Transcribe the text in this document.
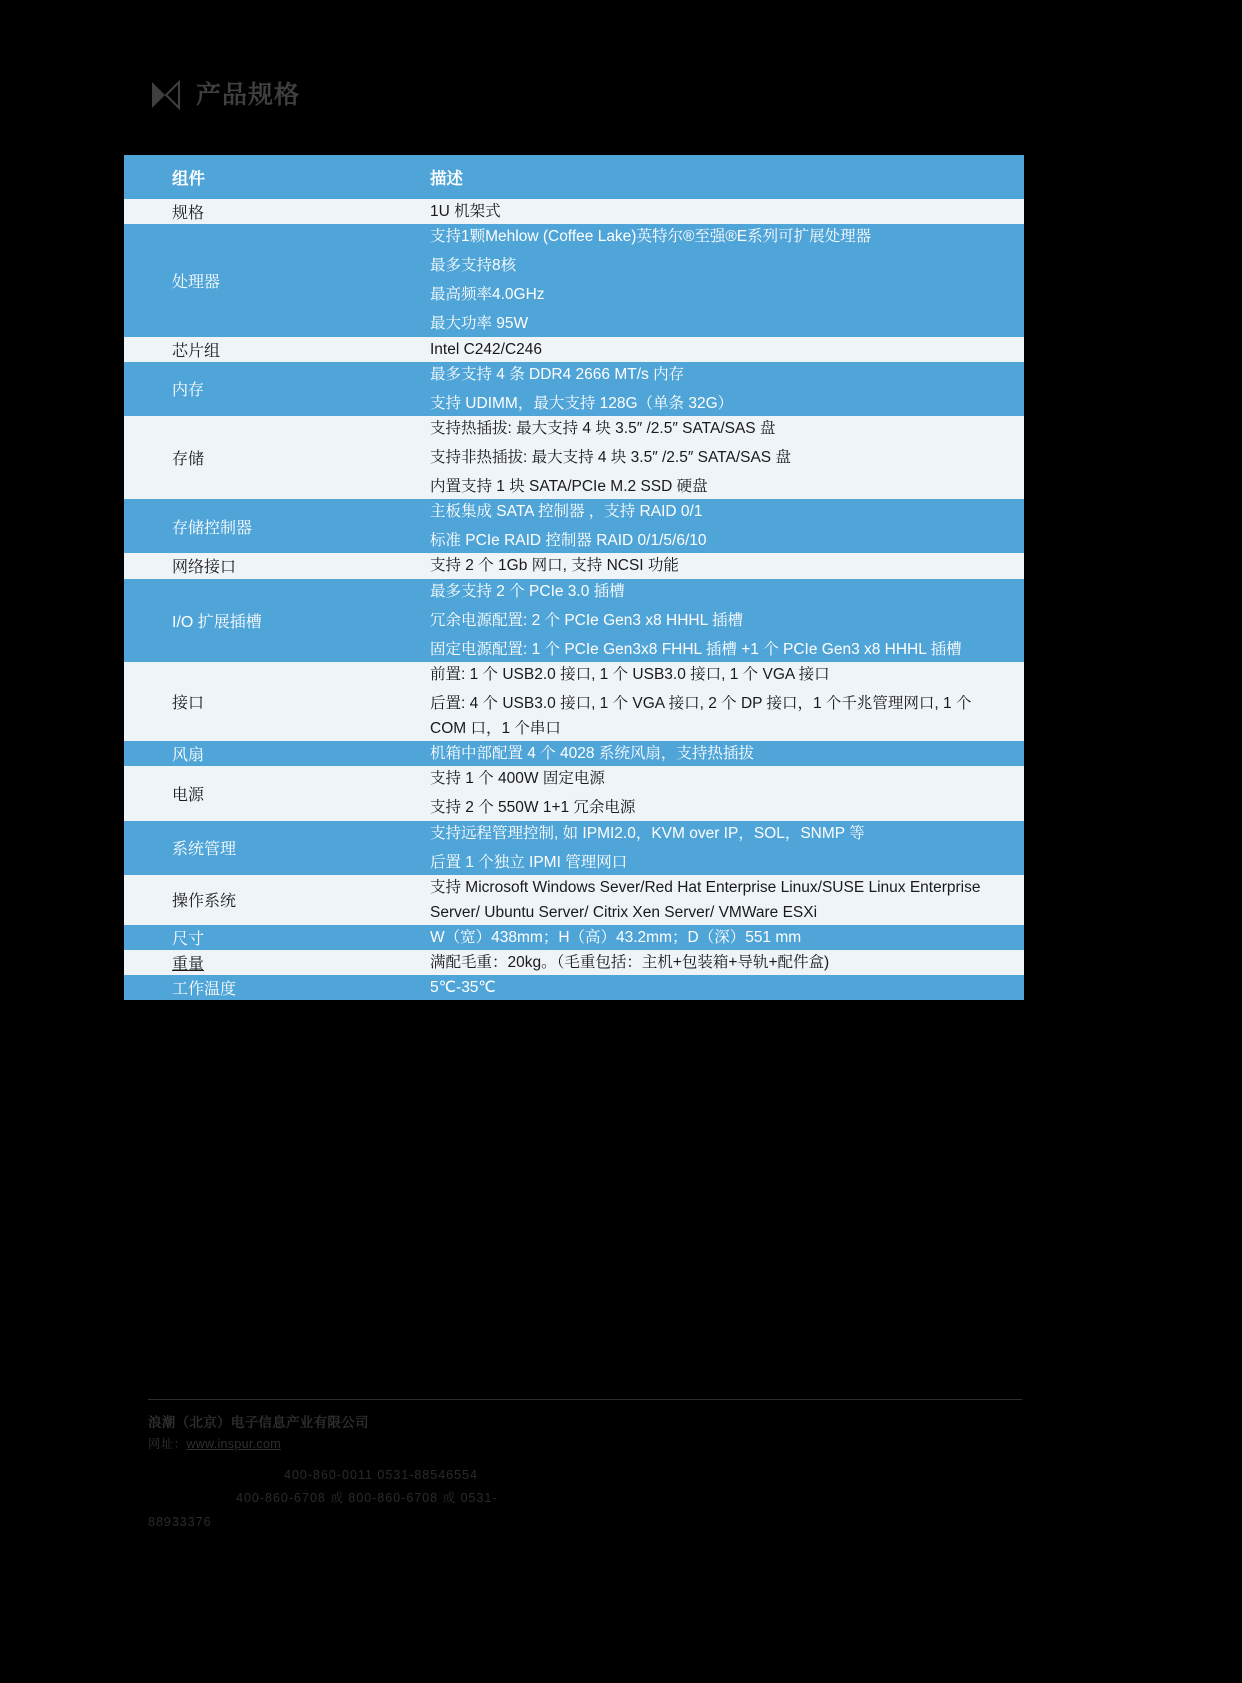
产品规格
组件	描述
规格	1U 机架式

处理器	支持1颗Mehlow (Coffee Lake)英特尔®至强®E系列可扩展处理器
最多支持8核
最高频率4.0GHz
最大功率 95W

芯片组	Intel C242/C246

内存	最多支持 4 条 DDR4 2666 MT/s 内存
支持 UDIMM，最大支持 128G（单条 32G）

存储	支持热插拔: 最大支持 4 块 3.5″ /2.5″ SATA/SAS 盘
支持非热插拔: 最大支持 4 块 3.5″ /2.5″ SATA/SAS 盘
内置支持 1 块 SATA/PCIe M.2 SSD 硬盘

存储控制器	主板集成 SATA 控制器 ，支持 RAID 0/1
标准 PCIe RAID 控制器 RAID 0/1/5/6/10

网络接口	支持 2 个 1Gb 网口, 支持 NCSI 功能

I/O 扩展插槽	最多支持 2 个 PCIe 3.0 插槽
冗余电源配置: 2 个 PCIe Gen3 x8 HHHL 插槽
固定电源配置: 1 个 PCIe Gen3x8 FHHL 插槽 +1 个 PCIe Gen3 x8 HHHL 插槽

接口	前置: 1 个 USB2.0 接口, 1 个 USB3.0 接口, 1 个 VGA 接口
后置: 4 个 USB3.0 接口, 1 个 VGA 接口, 2 个 DP 接口，1 个千兆管理网口, 1 个 COM 口，1 个串口

风扇	机箱中部配置 4 个 4028 系统风扇，支持热插拔

电源	支持 1 个 400W 固定电源
支持 2 个 550W 1+1 冗余电源

系统管理	支持远程管理控制, 如 IPMI2.0，KVM over IP，SOL，SNMP 等
后置 1 个独立 IPMI 管理网口

操作系统	支持 Microsoft Windows Sever/Red Hat Enterprise Linux/SUSE Linux Enterprise Server/ Ubuntu Server/ Citrix Xen Server/ VMWare ESXi

尺寸	W（宽）438mm；H（高）43.2mm；D（深）551 mm

重量	满配毛重：20kg。（毛重包括：主机+包装箱+导轨+配件盒)

工作温度	5℃-35℃
浪潮（北京）电子信息产业有限公司
网址：www.inspur.com
400-860-0011 0531-88546554
400-860-6708 或 800-860-6708 或 0531-
88933376
